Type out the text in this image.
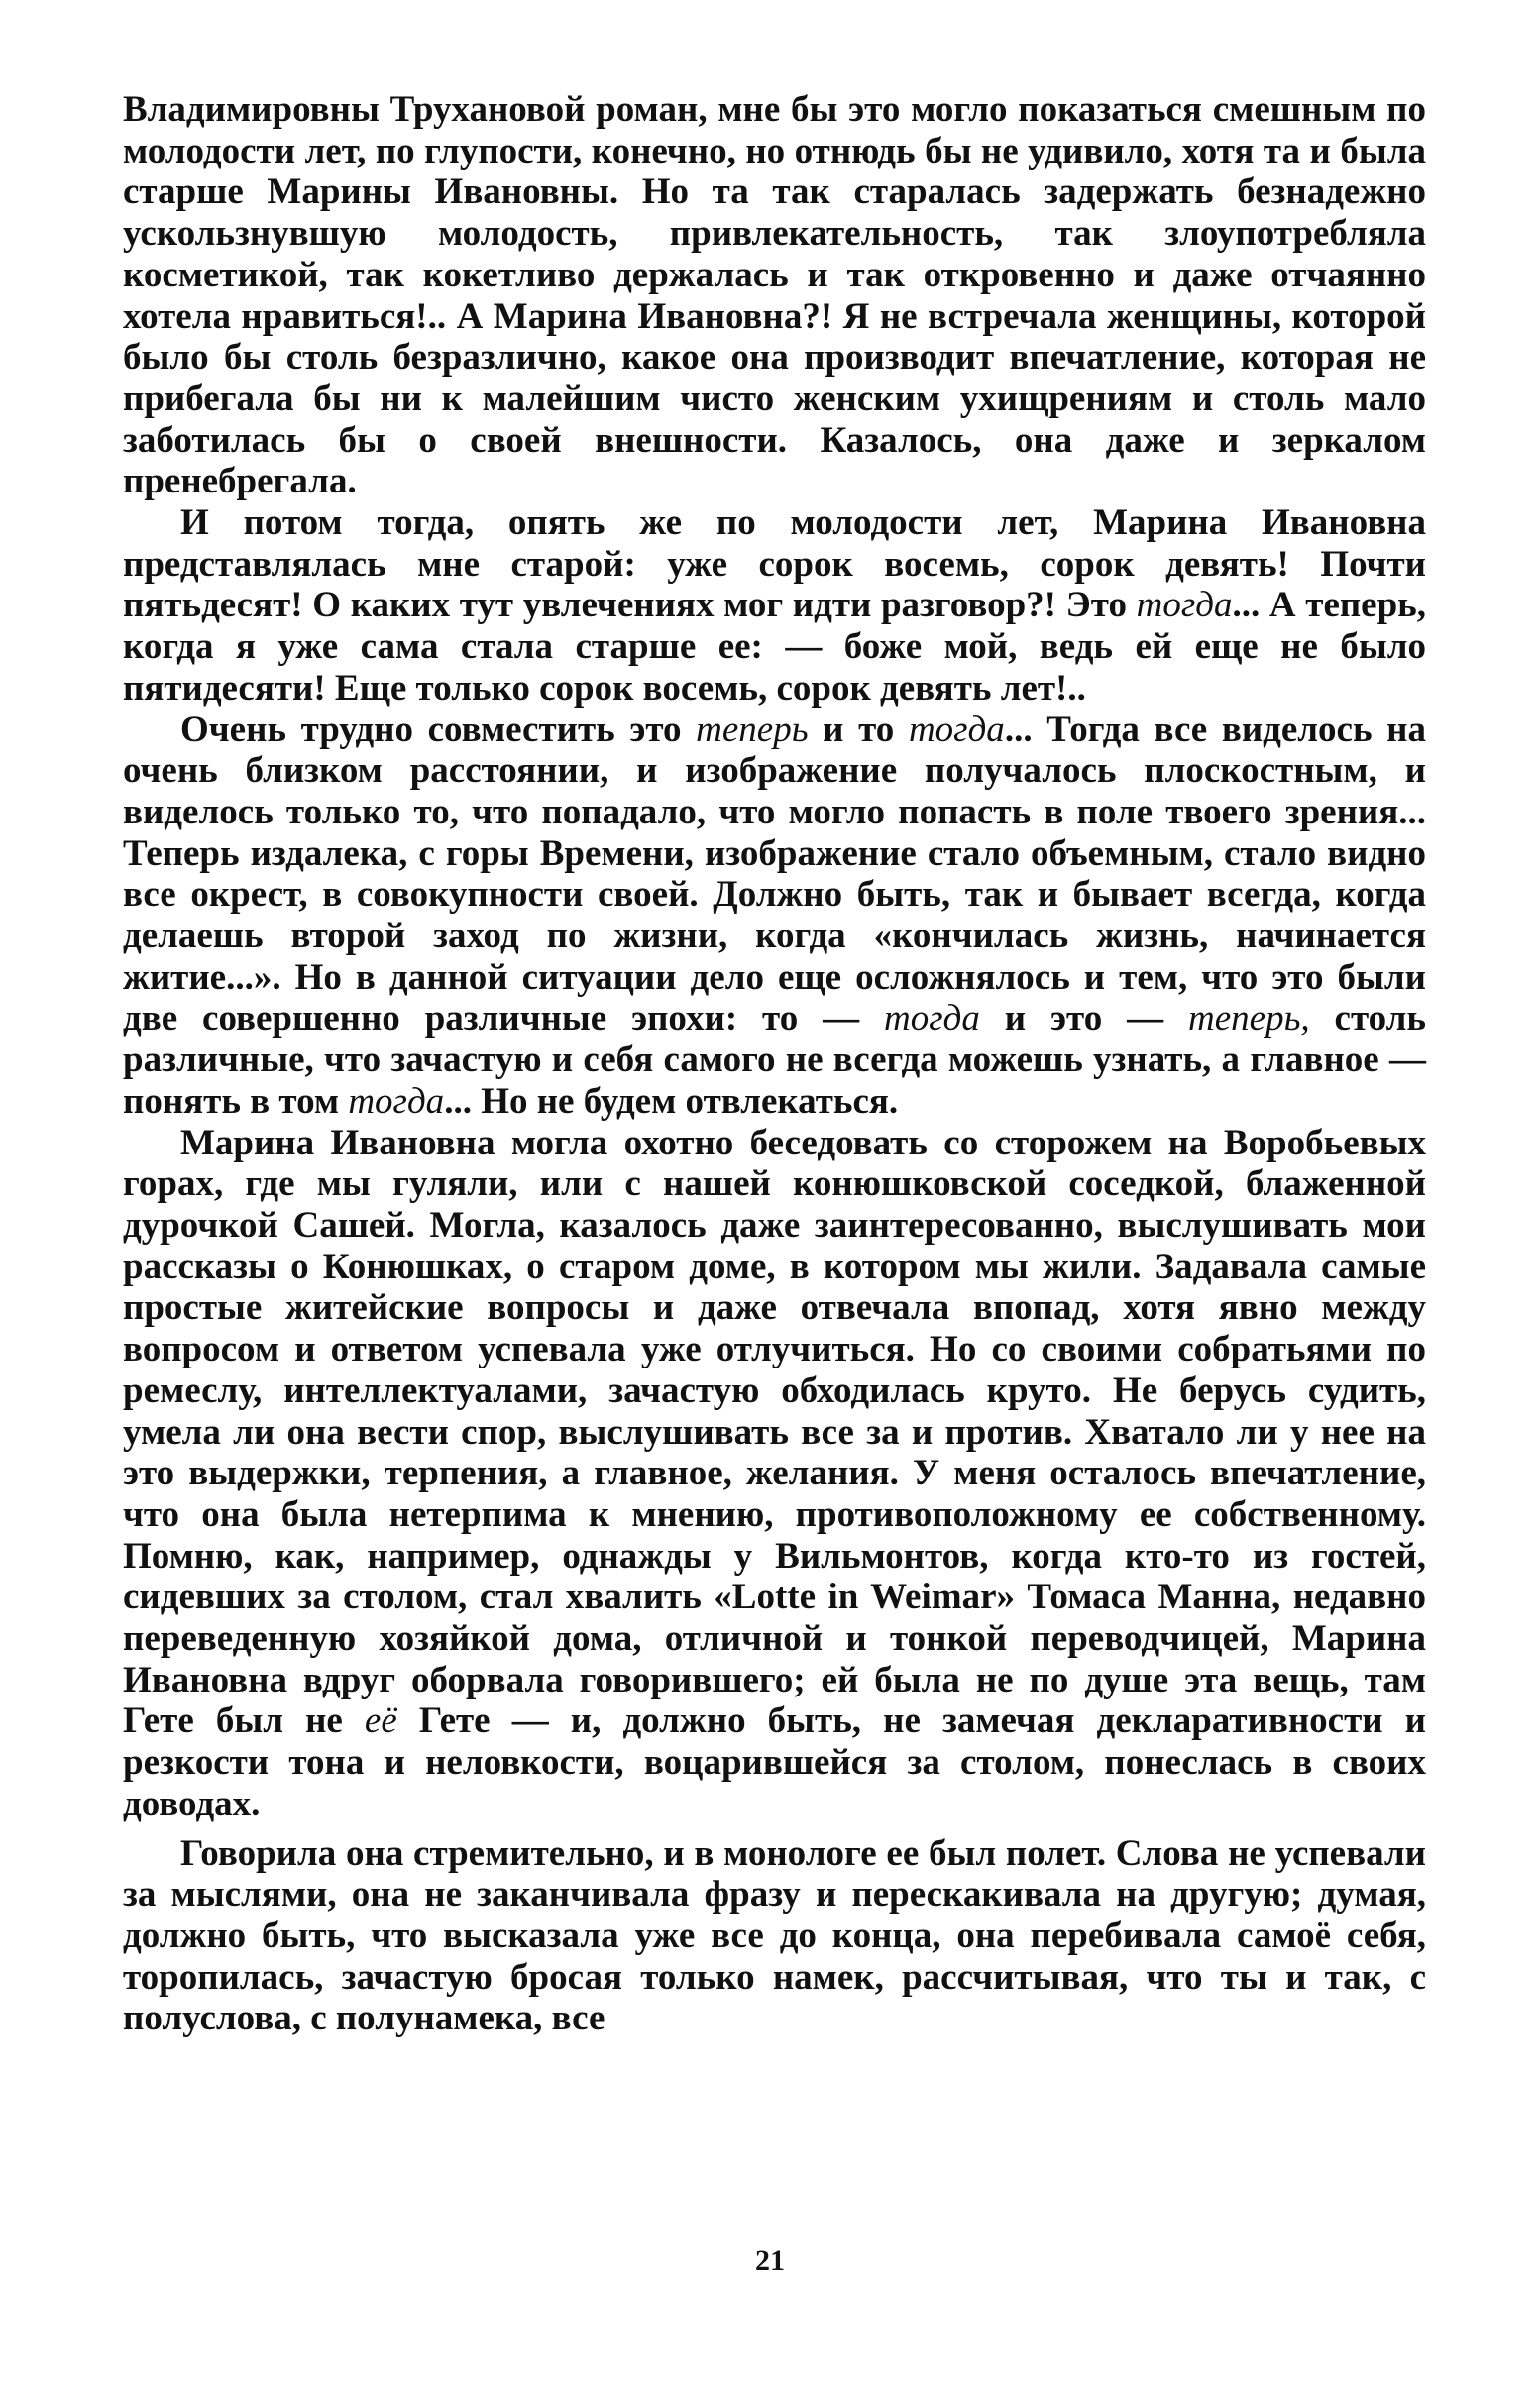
Владимировны Трухановой роман, мне бы это могло показаться смешным по молодости лет, по глупости, конечно, но отнюдь бы не удивило, хотя та и была старше Марины Ивановны. Но та так старалась задержать безнадежно ускользнувшую молодость, привлекательность, так злоупотребляла косметикой, так кокетливо держалась и так откровенно и даже отчаянно хотела нравиться!.. А Марина Ивановна?! Я не встречала женщины, которой было бы столь безразлично, какое она производит впечатление, которая не прибегала бы ни к малейшим чисто женским ухищрениям и столь мало заботилась бы о своей внешности. Казалось, она даже и зеркалом пренебрегала.

И потом тогда, опять же по молодости лет, Марина Ивановна представлялась мне старой: уже сорок восемь, сорок девять! Почти пятьдесят! О каких тут увлечениях мог идти разговор?! Это тогда... А теперь, когда я уже сама стала старше ее: — боже мой, ведь ей еще не было пятидесяти! Еще только сорок восемь, сорок девять лет!..

Очень трудно совместить это теперь и то тогда... Тогда все виделось на очень близком расстоянии, и изображение получалось плоскостным, и виделось только то, что попадало, что могло попасть в поле твоего зрения... Теперь издалека, с горы Времени, изображение стало объемным, стало видно все окрест, в совокупности своей. Должно быть, так и бывает всегда, когда делаешь второй заход по жизни, когда «кончилась жизнь, начинается житие...». Но в данной ситуации дело еще осложнялось и тем, что это были две совершенно различные эпохи: то — тогда и это — теперь, столь различные, что зачастую и себя самого не всегда можешь узнать, а главное — понять в том тогда... Но не будем отвлекаться.

Марина Ивановна могла охотно беседовать со сторожем на Воробьевых горах, где мы гуляли, или с нашей конюшковской соседкой, блаженной дурочкой Сашей. Могла, казалось даже заинтересованно, выслушивать мои рассказы о Конюшках, о старом доме, в котором мы жили. Задавала самые простые житейские вопросы и даже отвечала впопад, хотя явно между вопросом и ответом успевала уже отлучиться. Но со своими собратьями по ремеслу, интеллектуалами, зачастую обходилась круто. Не берусь судить, умела ли она вести спор, выслушивать все за и против. Хватало ли у нее на это выдержки, терпения, а главное, желания. У меня осталось впечатление, что она была нетерпима к мнению, противоположному ее собственному. Помню, как, например, однажды у Вильмонтов, когда кто-то из гостей, сидевших за столом, стал хвалить «Lotte in Weimar» Томаса Манна, недавно переведенную хозяйкой дома, отличной и тонкой переводчицей, Марина Ивановна вдруг оборвала говорившего; ей была не по душе эта вещь, там Гете был не её Гете — и, должно быть, не замечая декларативности и резкости тона и неловкости, воцарившейся за столом, понеслась в своих доводах.

Говорила она стремительно, и в монологе ее был полет. Слова не успевали за мыслями, она не заканчивала фразу и перескакивала на другую; думая, должно быть, что высказала уже все до конца, она перебивала самоё себя, торопилась, зачастую бросая только намек, рассчитывая, что ты и так, с полуслова, с полунамека, все

21
